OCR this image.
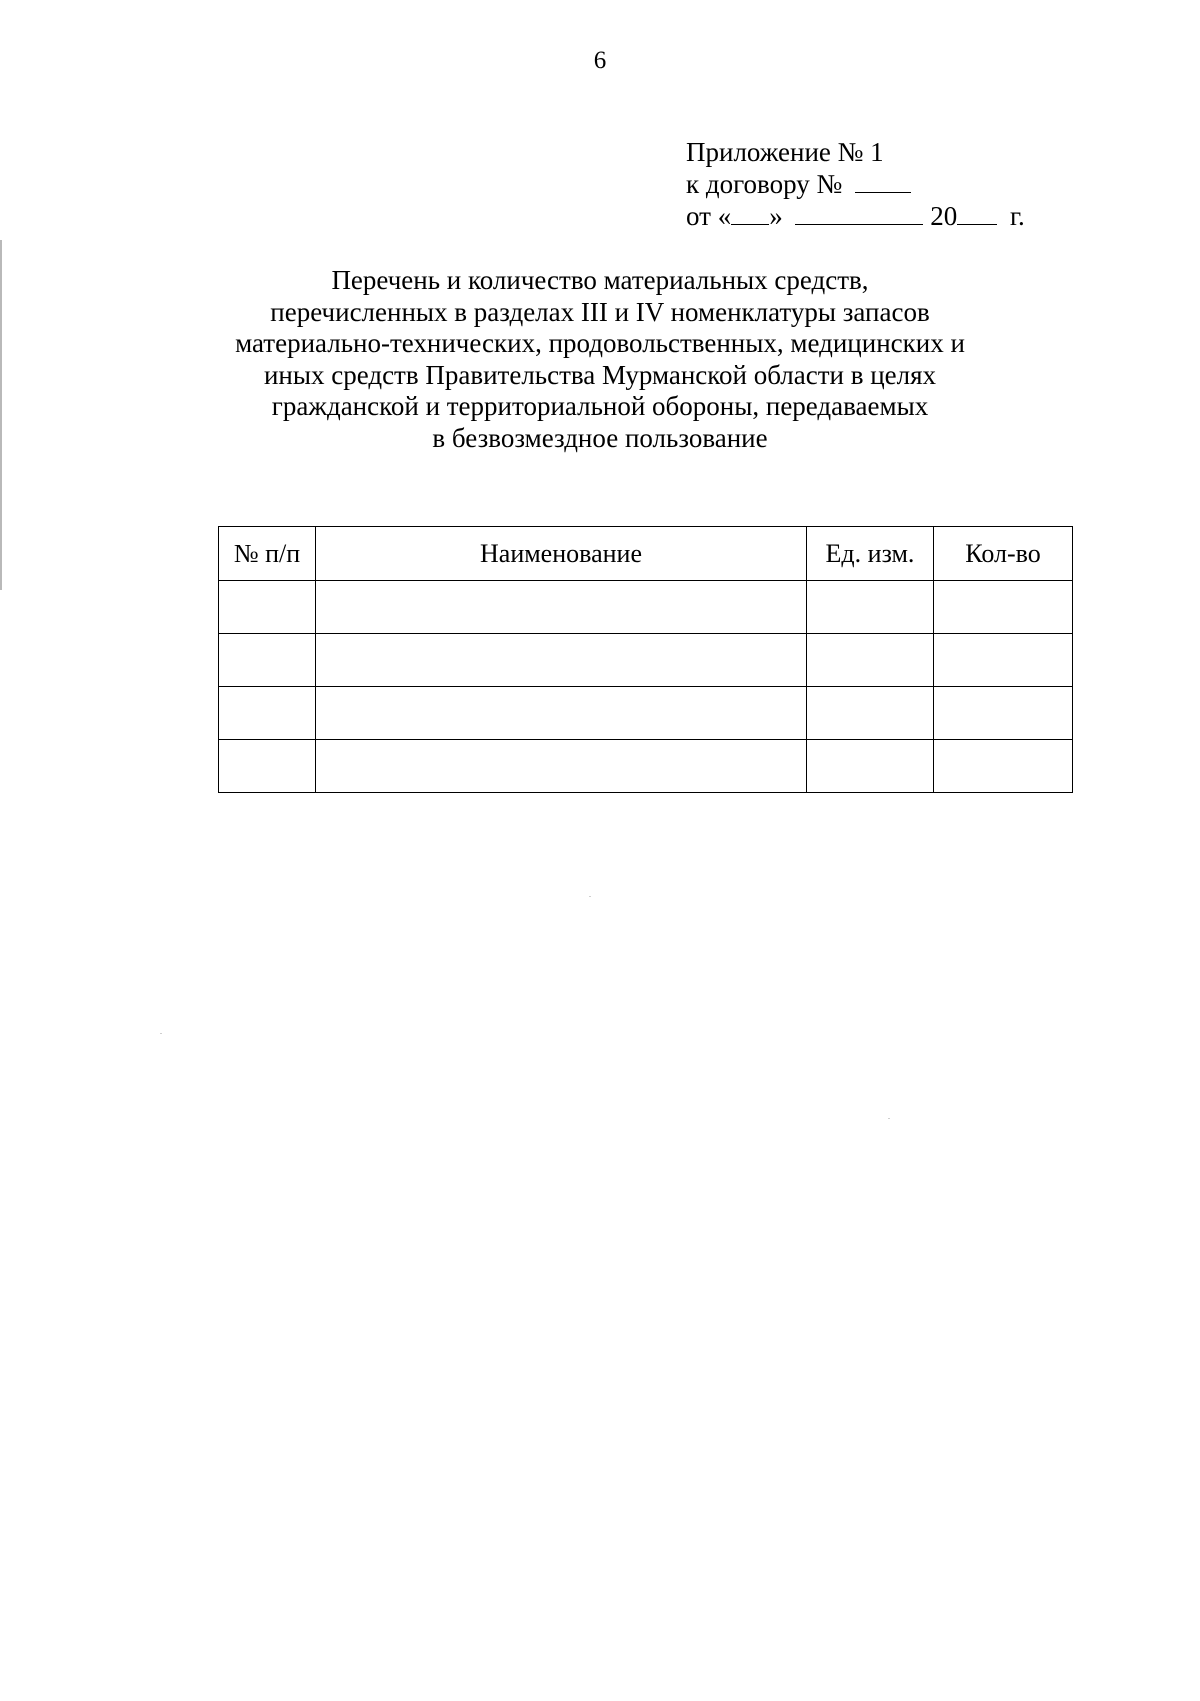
6
Приложение № 1
к договору №
от « »	20 г.
Перечень и количество материальных средств,
перечисленных в разделах III и IV номенклатуры запасов
материально-технических, продовольственных, медицинских и
иных средств Правительства Мурманской области в целях
гражданской и территориальной обороны, передаваемых
в безвозмездное пользование
№ п/п	Наименование	Ед. изм.	Кол-во
